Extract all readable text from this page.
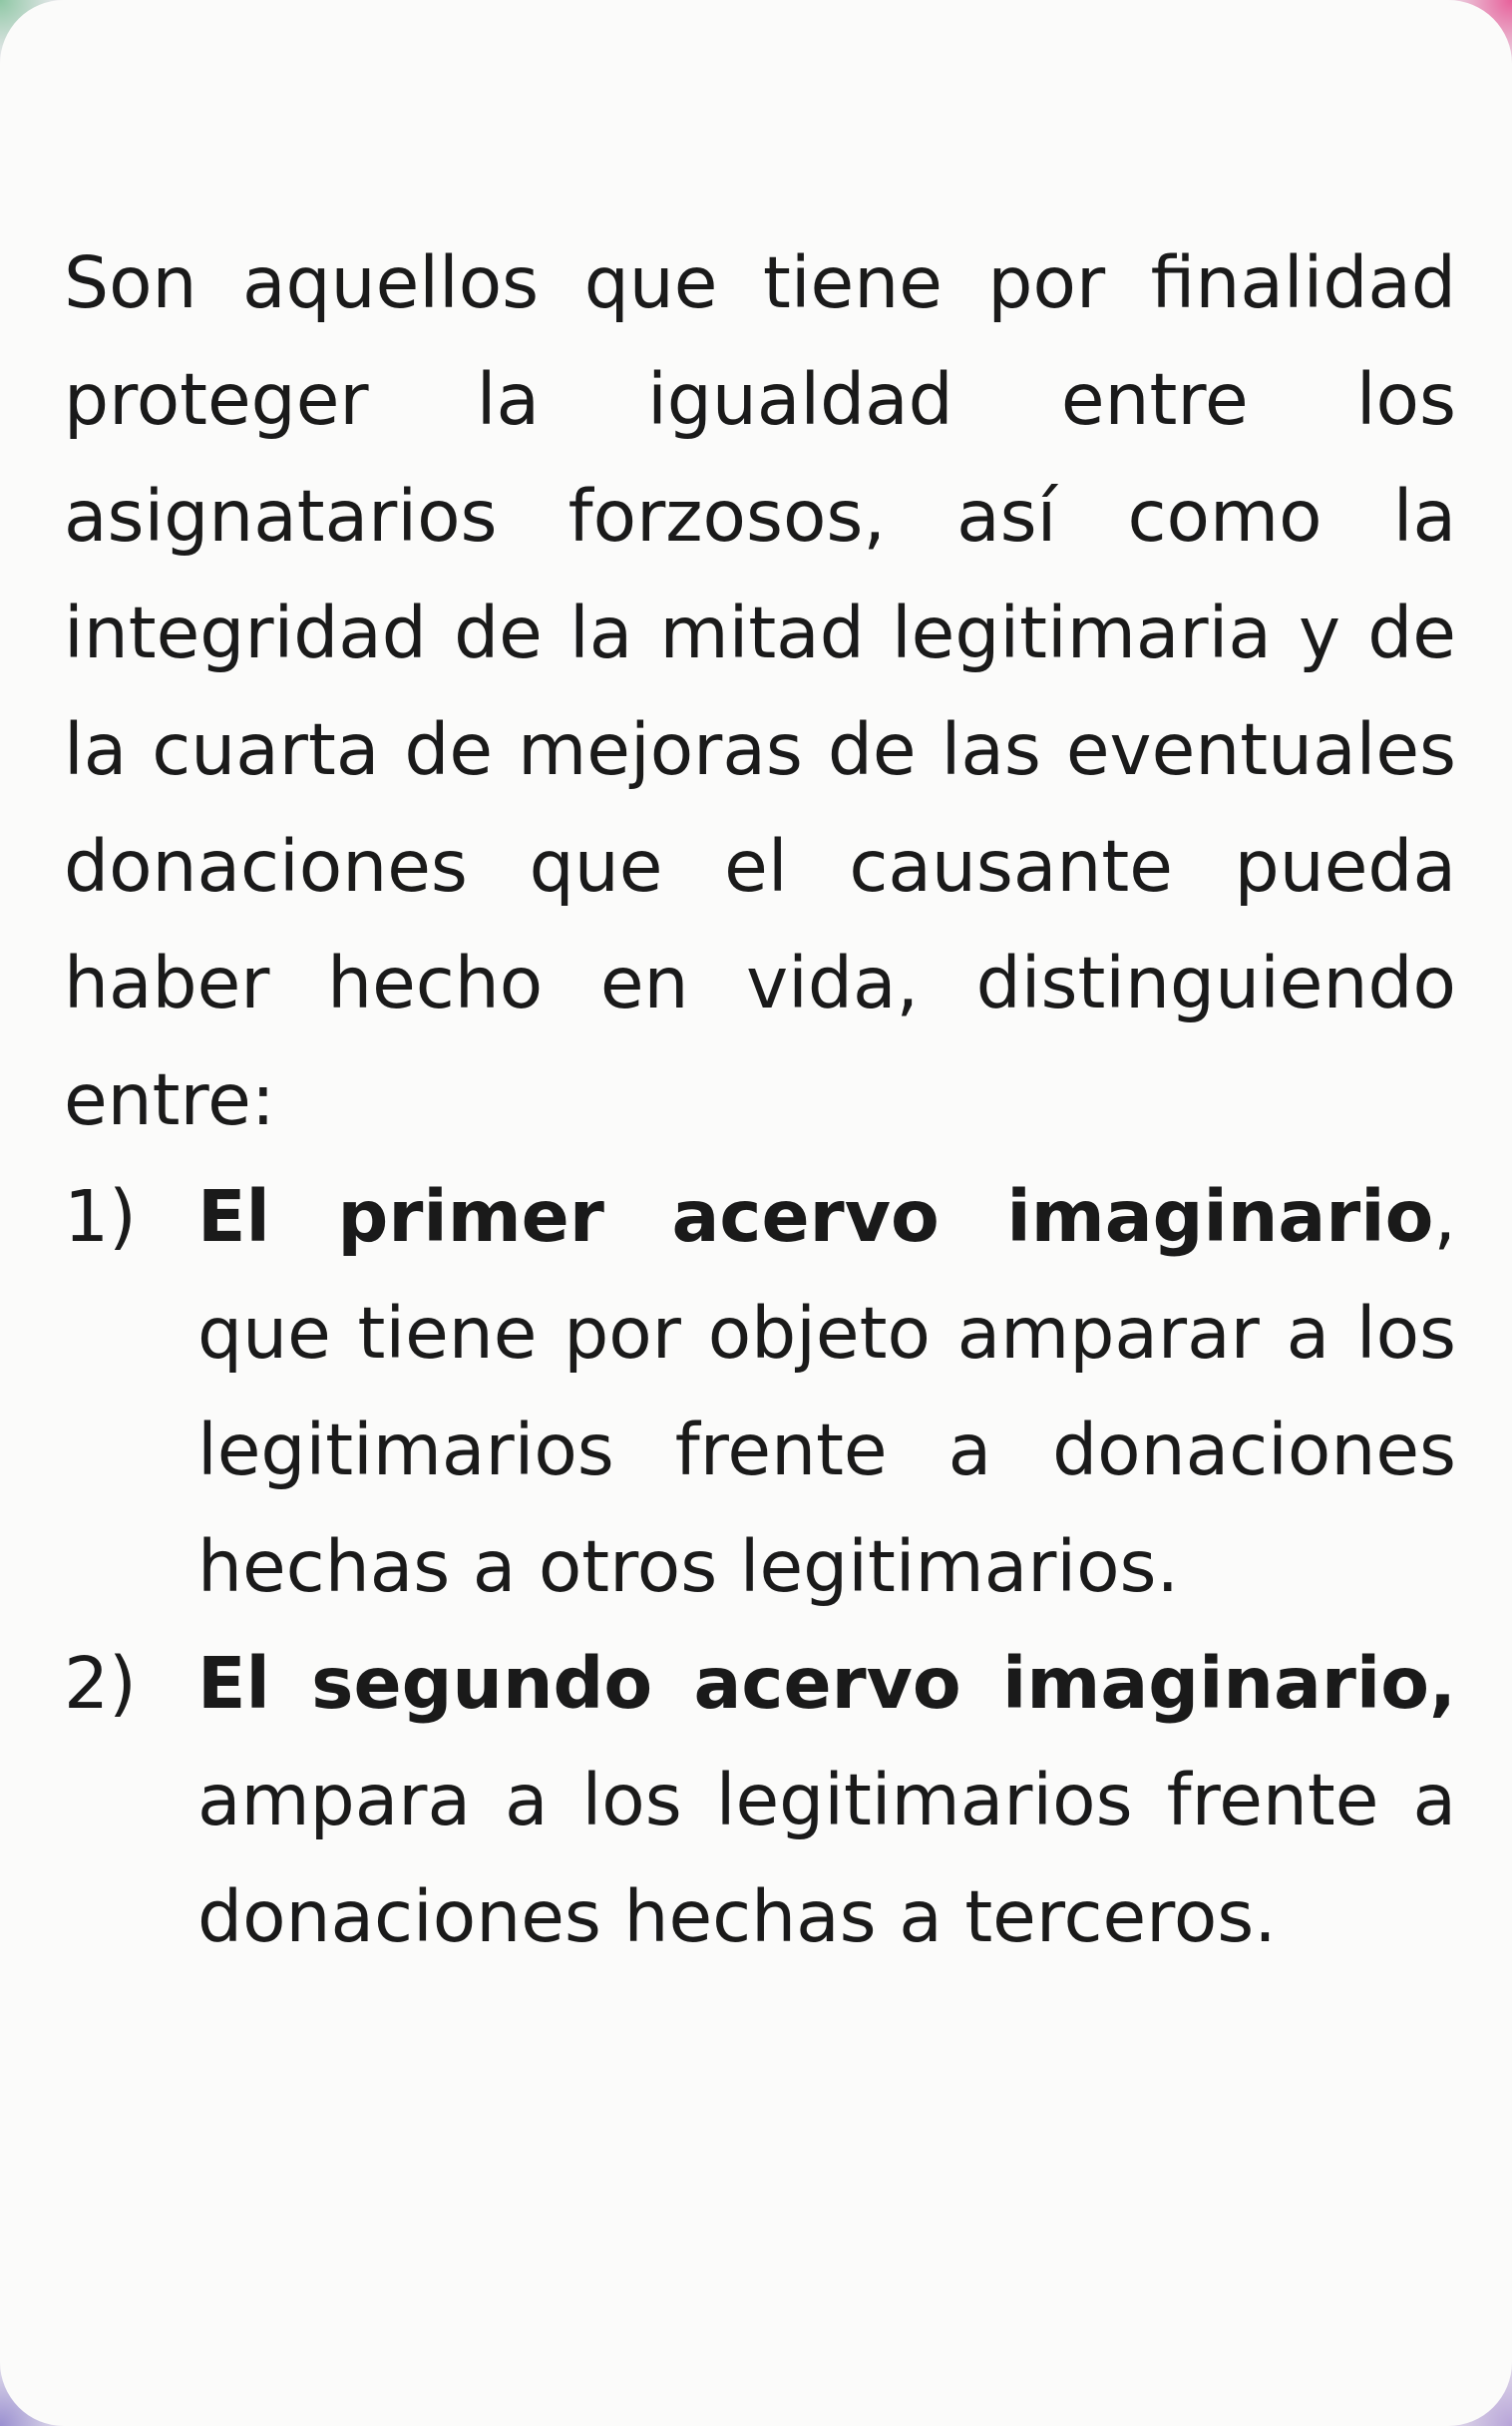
Son aquellos que tiene por finalidad proteger la igualdad entre los asignatarios forzosos, así como la integridad de la mitad legitimaria y de la cuarta de mejoras de las eventuales donaciones que el causante pueda haber hecho en vida, distinguiendo entre:

1) El primer acervo imaginario, que tiene por objeto amparar a los legitimarios frente a donaciones hechas a otros legitimarios.
2) El segundo acervo imaginario, ampara a los legitimarios frente a donaciones hechas a terceros.
